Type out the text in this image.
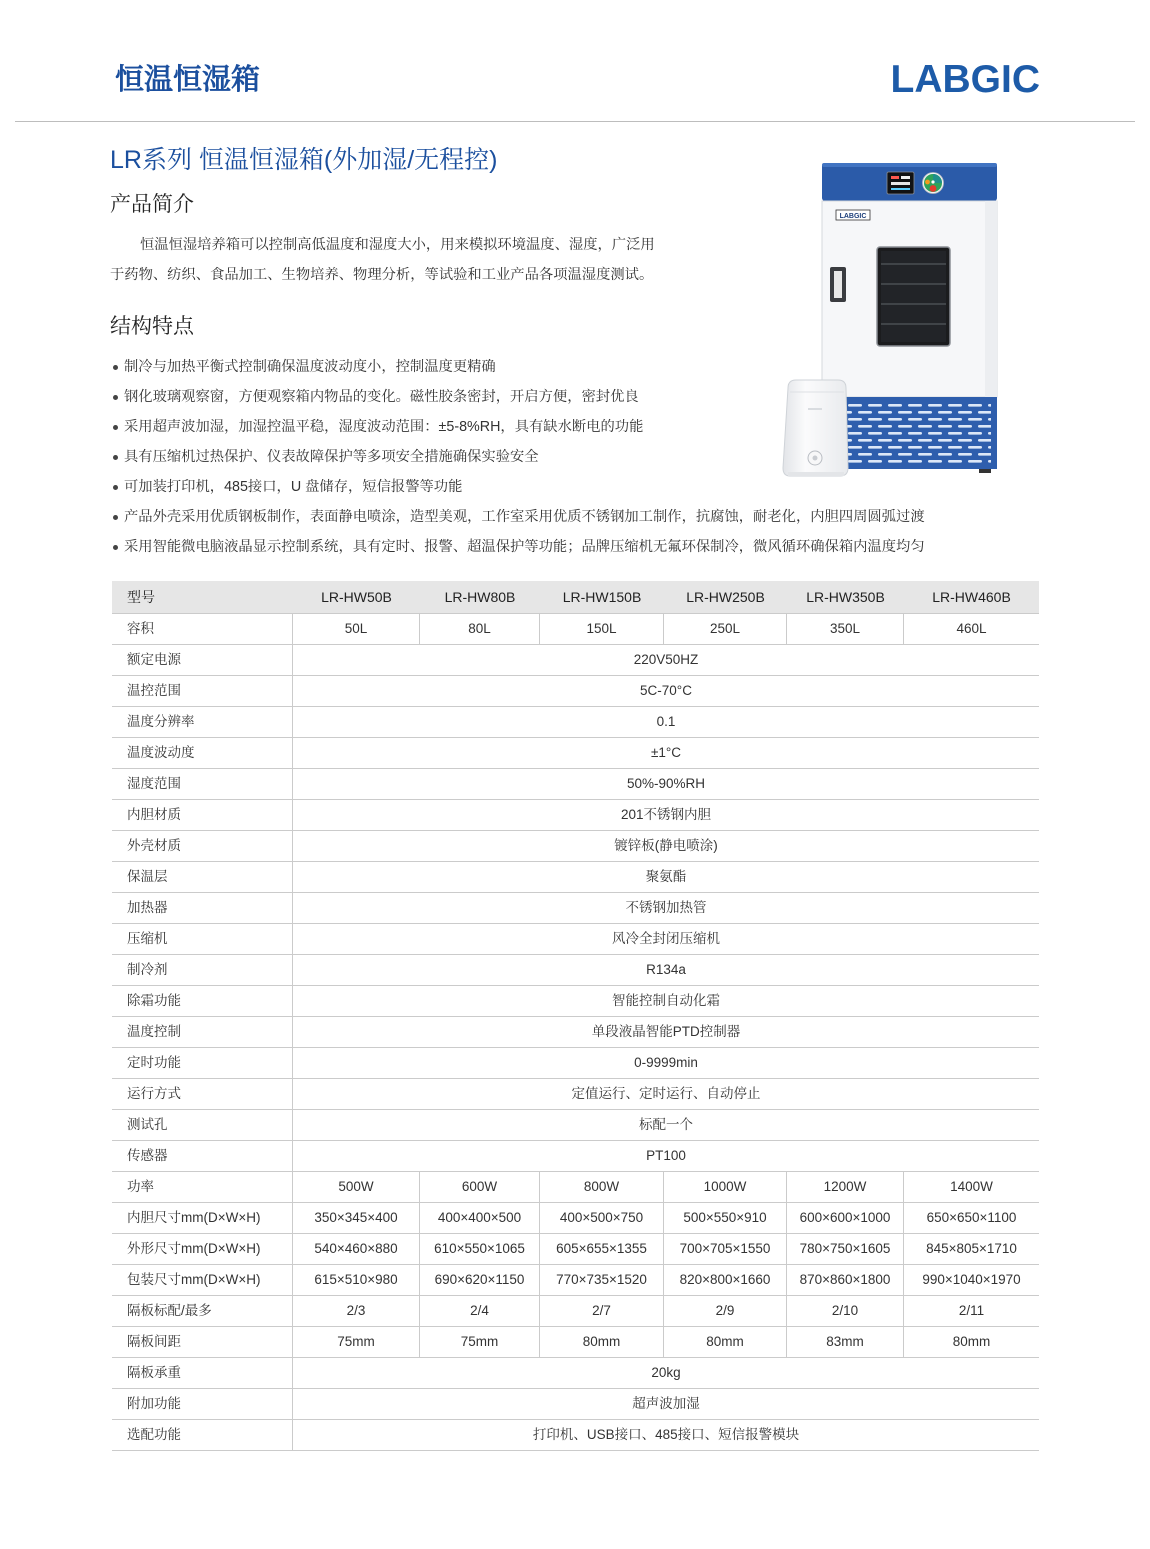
恒温恒湿箱	LABGIC
LR系列 恒温恒湿箱(外加湿/无程控)
产品简介
恒温恒湿培养箱可以控制高低温度和湿度大小，用来模拟环境温度、湿度，广泛用
于药物、纺织、食品加工、生物培养、物理分析，等试验和工业产品各项温湿度测试。
结构特点
制冷与加热平衡式控制确保温度波动度小，控制温度更精确
钢化玻璃观察窗，方便观察箱内物品的变化。磁性胶条密封，开启方便，密封优良
采用超声波加湿，加湿控温平稳，湿度波动范围：±5-8%RH，具有缺水断电的功能
具有压缩机过热保护、仪表故障保护等多项安全措施确保实验安全
可加装打印机，485接口，U 盘储存，短信报警等功能
产品外壳采用优质钢板制作，表面静电喷涂，造型美观，工作室采用优质不锈钢加工制作，抗腐蚀，耐老化，内胆四周圆弧过渡
采用智能微电脑液晶显示控制系统，具有定时、报警、超温保护等功能；品牌压缩机无氟环保制冷，微风循环确保箱内温度均匀
LABGIC
型号	LR-HW50B	LR-HW80B	LR-HW150B	LR-HW250B	LR-HW350B	LR-HW460B
容积	50L	80L	150L	250L	350L	460L
额定电源	220V50HZ
温控范围	5C-70°C
温度分辨率	0.1
温度波动度	±1°C
湿度范围	50%-90%RH
内胆材质	201不锈钢内胆
外壳材质	镀锌板(静电喷涂)
保温层	聚氨酯
加热器	不锈钢加热管
压缩机	风冷全封闭压缩机
制冷剂	R134a
除霜功能	智能控制自动化霜
温度控制	单段液晶智能PTD控制器
定时功能	0-9999min
运行方式	定值运行、定时运行、自动停止
测试孔	标配一个
传感器	PT100
功率	500W	600W	800W	1000W	1200W	1400W
内胆尺寸mm(D×W×H)	350×345×400	400×400×500	400×500×750	500×550×910	600×600×1000	650×650×1100
外形尺寸mm(D×W×H)	540×460×880	610×550×1065	605×655×1355	700×705×1550	780×750×1605	845×805×1710
包装尺寸mm(D×W×H)	615×510×980	690×620×1150	770×735×1520	820×800×1660	870×860×1800	990×1040×1970
隔板标配/最多	2/3	2/4	2/7	2/9	2/10	2/11
隔板间距	75mm	75mm	80mm	80mm	83mm	80mm
隔板承重	20kg
附加功能	超声波加湿
选配功能	打印机、USB接口、485接口、短信报警模块
